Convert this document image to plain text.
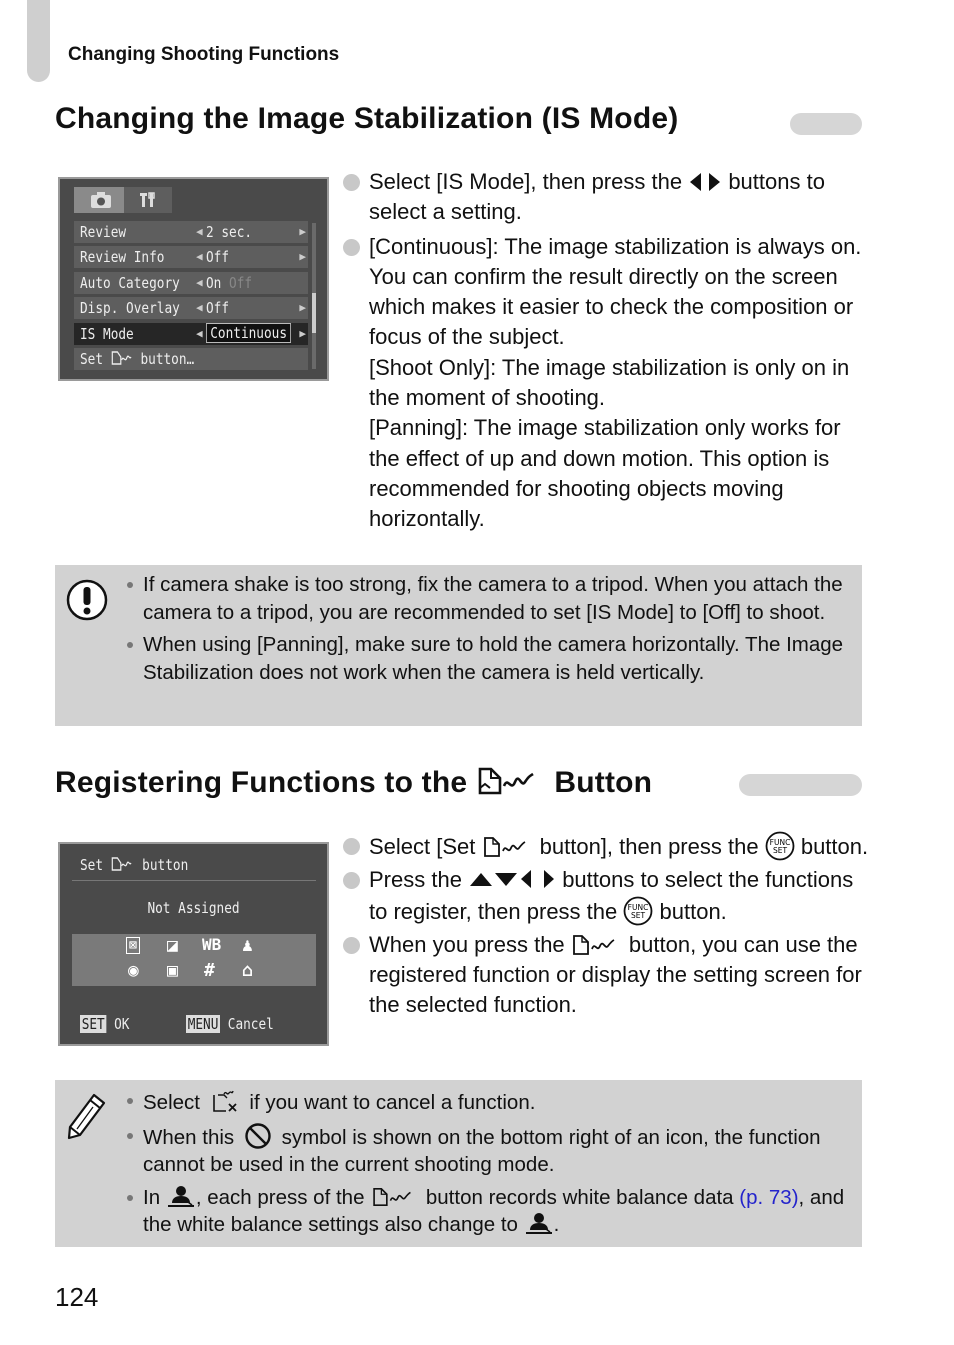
Changing Shooting Functions
Changing the Image Stabilization (IS Mode)
Review	◀ 2 sec.	▶
Review Info	◀ Off	▶
Auto Category ◀ On Off
Disp. Overlay ◀ Off	▶
IS Mode	◀ Continuous	▶
Set button…
Select [IS Mode], then press the buttons to select a setting.
[Continuous]: The image stabilization is always on. You can confirm the result directly on the screen which makes it easier to check the composition or focus of the subject.
[Shoot Only]: The image stabilization is only on in the moment of shooting.
[Panning]: The image stabilization only works for the effect of up and down motion. This option is recommended for shooting objects moving horizontally.
If camera shake is too strong, fix the camera to a tripod. When you attach the camera to a tripod, you are recommended to set [IS Mode] to [Off] to shoot.
When using [Panning], make sure to hold the camera horizontally. The Image Stabilization does not work when the camera is held vertically.
Registering Functions to the	Button
Set	button
Not Assigned
⊠ ◪ WB ♟
◉ ▣ # ⌂
SET OK	MENU Cancel
Select [Set	button], then press the FUNC
SET button.
Press the	buttons to select the functions to register, then press the FUNC
SET button.
When you press the	button, you can use the registered function or display the setting screen for the selected function.
Select if you want to cancel a function.
When this symbol is shown on the bottom right of an icon, the function cannot be used in the current shooting mode.
In , each press of the	button records white balance data (p. 73), and the white balance settings also change to .
124
